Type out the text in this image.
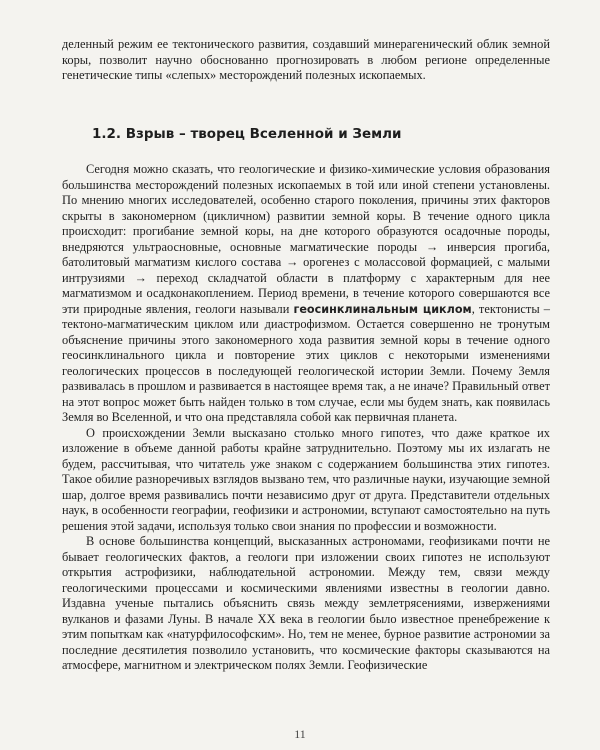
деленный режим ее тектонического развития, создавший минерагенический облик земной коры, позволит научно обоснованно прогнозировать в любом регионе определенные генетические типы «слепых» месторождений полезных ископаемых.

1.2. Взрыв – творец Вселенной и Земли

Сегодня можно сказать, что геологические и физико-химические условия образования большинства месторождений полезных ископаемых в той или иной степени установлены. По мнению многих исследователей, особенно старого поколения, причины этих факторов скрыты в закономерном (цикличном) развитии земной коры. В течение одного цикла происходит: прогибание земной коры, на дне которого образуются осадочные породы, внедряются ультраосновные, основные магматические породы → инверсия прогиба, батолитовый магматизм кислого состава → орогенез с молассовой формацией, с малыми интрузиями → переход складчатой области в платформу с характерным для нее магматизмом и осадконакоплением. Период времени, в течение которого совершаются все эти природные явления, геологи называли геосинклинальным циклом, тектонисты – тектоно-магматическим циклом или диастрофизмом. Остается совершенно не тронутым объяснение причины этого закономерного хода развития земной коры в течение одного геосинклинального цикла и повторение этих циклов с некоторыми изменениями геологических процессов в последующей геологической истории Земли. Почему Земля развивалась в прошлом и развивается в настоящее время так, а не иначе? Правильный ответ на этот вопрос может быть найден только в том случае, если мы будем знать, как появилась Земля во Вселенной, и что она представляла собой как первичная планета.

О происхождении Земли высказано столько много гипотез, что даже краткое их изложение в объеме данной работы крайне затруднительно. Поэтому мы их излагать не будем, рассчитывая, что читатель уже знаком с содержанием большинства этих гипотез. Такое обилие разноречивых взглядов вызвано тем, что различные науки, изучающие земной шар, долгое время развивались почти независимо друг от друга. Представители отдельных наук, в особенности географии, геофизики и астрономии, вступают самостоятельно на путь решения этой задачи, используя только свои знания по профессии и возможности.

В основе большинства концепций, высказанных астрономами, геофизиками почти не бывает геологических фактов, а геологи при изложении своих гипотез не используют открытия астрофизики, наблюдательной астрономии. Между тем, связи между геологическими процессами и космическими явлениями известны в геологии давно. Издавна ученые пытались объяснить связь между землетрясениями, извержениями вулканов и фазами Луны. В начале XX века в геологии было известное пренебрежение к этим попыткам как «натурфилософским». Но, тем не менее, бурное развитие астрономии за последние десятилетия позволило установить, что космические факторы сказываются на атмосфере, магнитном и электрическом полях Земли. Геофизические

11
